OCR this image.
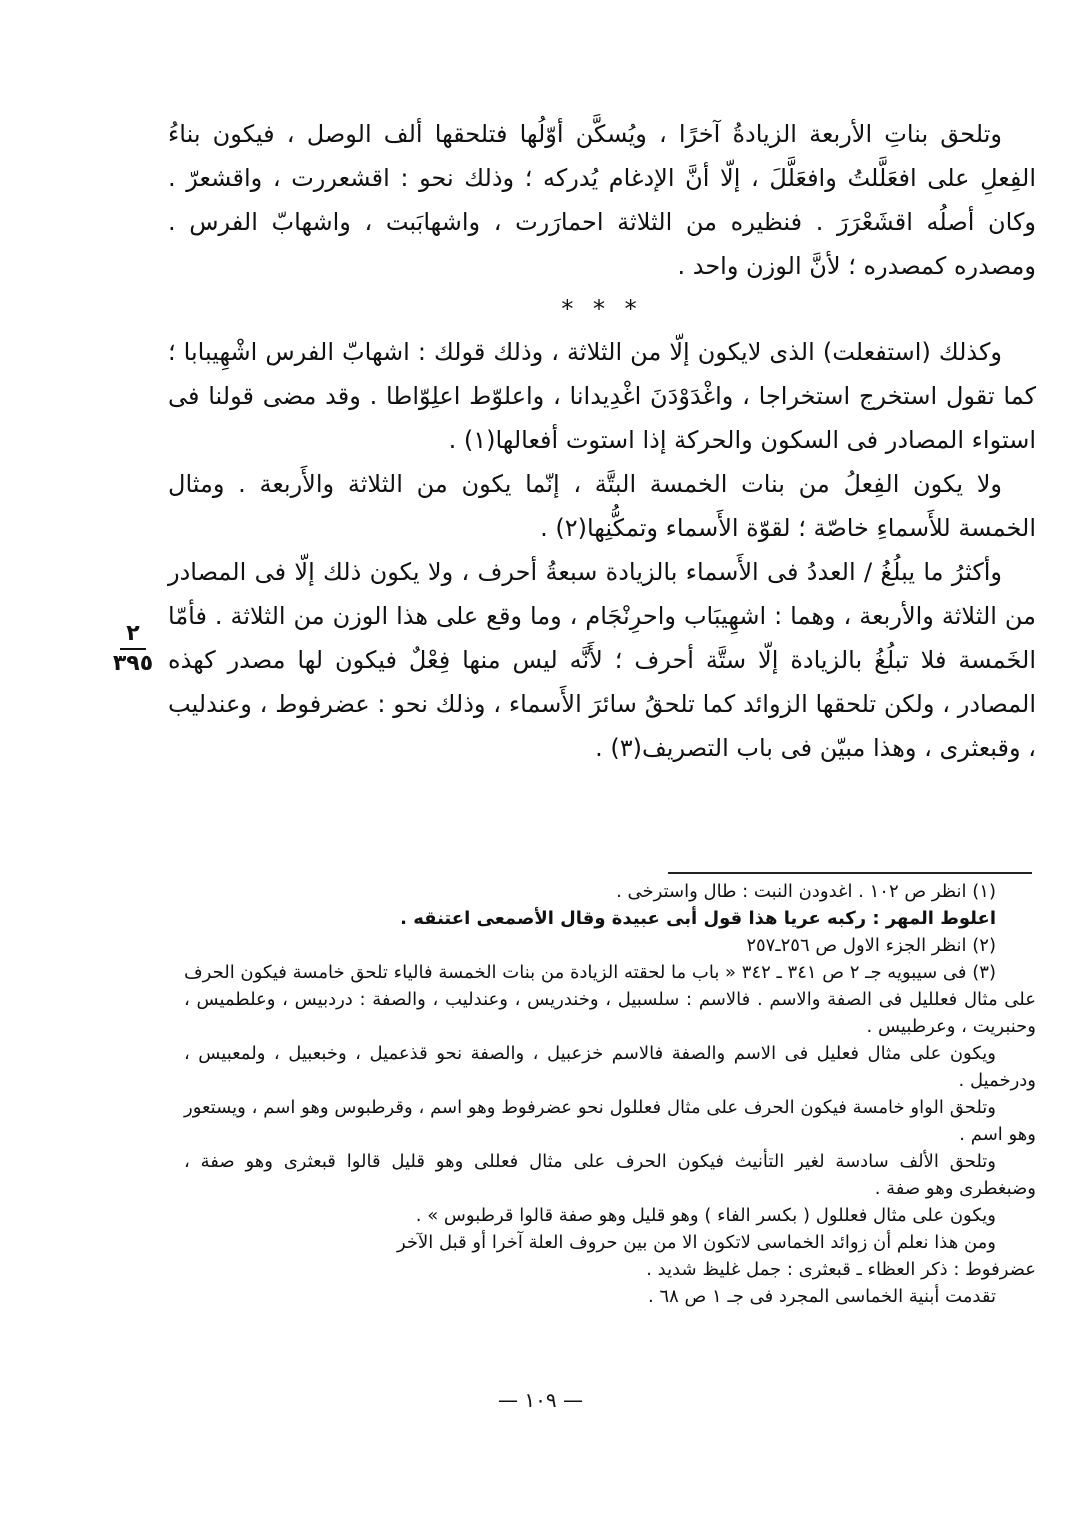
وتلحق بناتِ الأربعة الزيادةُ آخرًا ، ويُسكَّن أوّلُها فتلحقها ألف الوصل ، فيكون بناءُ الفِعلِ على افعَلَّلتُ وافعَلَّلَ ، إلّا أنَّ الإدغام يُدركه ؛ وذلك نحو : اقشعررت ، واقشعرّ . وكان أصلُه اقشَعْرَرَ . فنظيره من الثلاثة احمارَرت ، واشهابَبت ، واشهابّ الفرس . ومصدره كمصدره ؛ لأنَّ الوزن واحد .

* * *

وكذلك (استفعلت) الذى لايكون إلّا من الثلاثة ، وذلك قولك : اشهابّ الفرس اشْهِيبابا ؛ كما تقول استخرج استخراجا ، واغْدَوْدَنَ اغْدِيدانا ، واعلوّط اعلِوّاطا . وقد مضى قولنا فى استواء المصادر فى السكون والحركة إذا استوت أفعالها(١) .

ولا يكون الفِعلُ من بنات الخمسة البتَّة ، إنّما يكون من الثلاثة والأَربعة . ومثال الخمسة للأَسماءِ خاصّة ؛ لقوّة الأَسماء وتمكُّنِها(٢) .

وأكثرُ ما يبلُغُ / العددُ فى الأَسماء بالزيادة سبعةُ أحرف ، ولا يكون ذلك إلّا فى المصادر من الثلاثة والأربعة ، وهما : اشهِيبَاب واحرِنْجَام ، وما وقع على هذا الوزن من الثلاثة . فأمّا الخَمسة فلا تبلُغُ بالزيادة إلّا ستَّة أحرف ؛ لأَنَّه ليس منها فِعْلٌ فيكون لها مصدر كهذه المصادر ، ولكن تلحقها الزوائد كما تلحقُ سائرَ الأَسماء ، وذلك نحو : عضرفوط ، وعندليب ، وقبعثرى ، وهذا مبيّن فى باب التصريف(٣) .

٢
٣٩٥

(١) انظر ص ١٠٢ . اغدودن النبت : طال واسترخى .

اعلوط المهر : ركبه عريا هذا قول أبى عبيدة وقال الأصمعى اعتنقه .

(٢) انظر الجزء الاول ص ٢٥٦ـ٢٥٧

(٣) فى سيبويه جـ ٢ ص ٣٤١ ـ ٣٤٢ « باب ما لحقته الزيادة من بنات الخمسة فالياء تلحق خامسة فيكون الحرف على مثال فعلليل فى الصفة والاسم . فالاسم : سلسبيل ، وخندريس ، وعندليب ، والصفة : دردبيس ، وعلطميس ، وحنبريت ، وعرطبيس .

ويكون على مثال فعليل فى الاسم والصفة فالاسم خزعبيل ، والصفة نحو قذعميل ، وخبعبيل ، ولمعبيس ، ودرخميل .

وتلحق الواو خامسة فيكون الحرف على مثال فعللول نحو عضرفوط وهو اسم ، وقرطبوس وهو اسم ، ويستعور وهو اسم .

وتلحق الألف سادسة لغير التأنيث فيكون الحرف على مثال فعللى وهو قليل قالوا قبعثرى وهو صفة ، وضبغطرى وهو صفة .

ويكون على مثال فعللول ( بكسر الفاء ) وهو قليل وهو صفة قالوا قرطبوس » .

ومن هذا نعلم أن زوائد الخماسى لاتكون الا من بين حروف العلة آخرا أو قبل الآخر

عضرفوط : ذكر العظاء ـ قبعثرى : جمل غليظ شديد .

تقدمت أبنية الخماسى المجرد فى جـ ١ ص ٦٨ .

— ١٠٩ —
